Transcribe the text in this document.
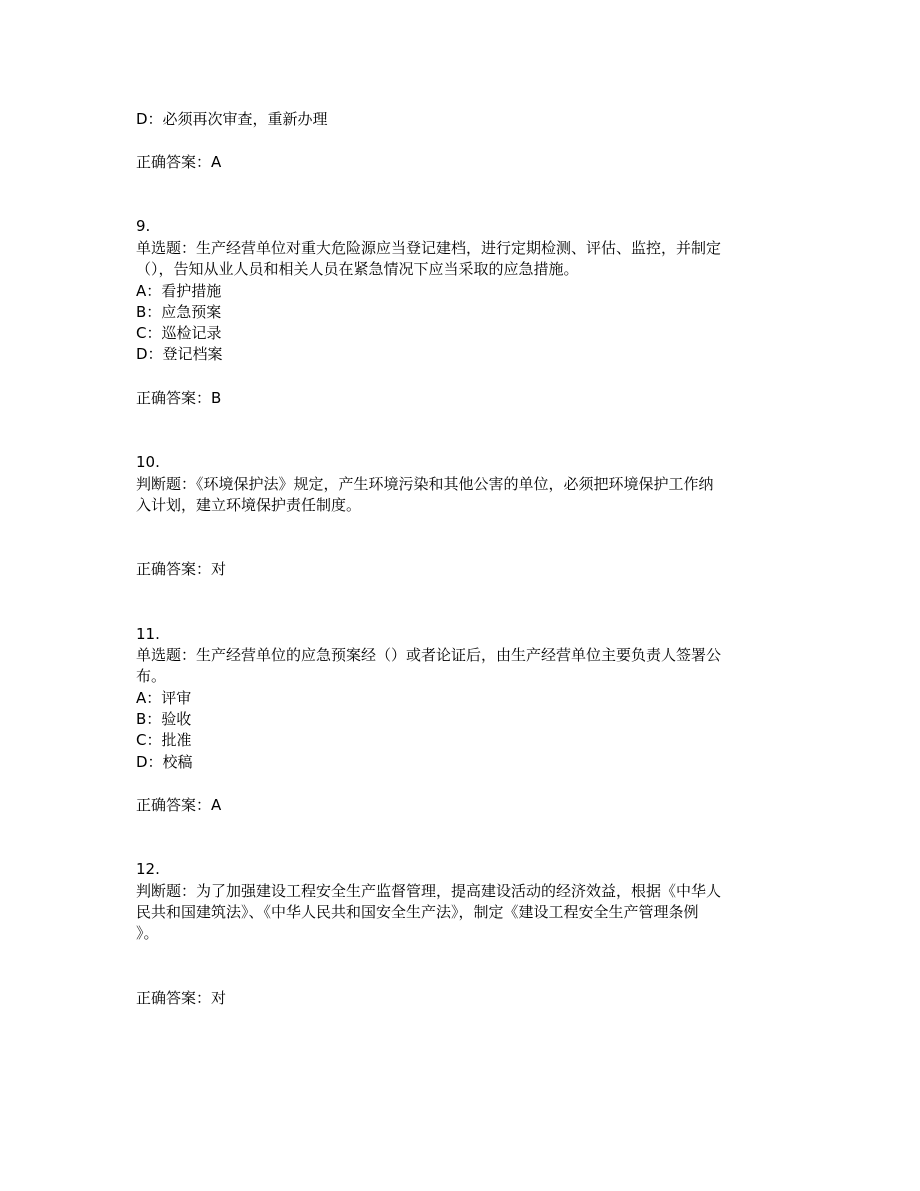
D：必须再次审查，重新办理
正确答案：A
9.
单选题：生产经营单位对重大危险源应当登记建档，进行定期检测、评估、监控，并制定
（），告知从业人员和相关人员在紧急情况下应当采取的应急措施。
A：看护措施
B：应急预案
C：巡检记录
D：登记档案
正确答案：B
10.
判断题：《环境保护法》规定，产生环境污染和其他公害的单位，必须把环境保护工作纳
入计划，建立环境保护责任制度。
正确答案：对
11.
单选题：生产经营单位的应急预案经（）或者论证后，由生产经营单位主要负责人签署公
布。
A：评审
B：验收
C：批准
D：校稿
正确答案：A
12.
判断题：为了加强建设工程安全生产监督管理，提高建设活动的经济效益，根据《中华人
民共和国建筑法》、《中华人民共和国安全生产法》，制定《建设工程安全生产管理条例
》。
正确答案：对
